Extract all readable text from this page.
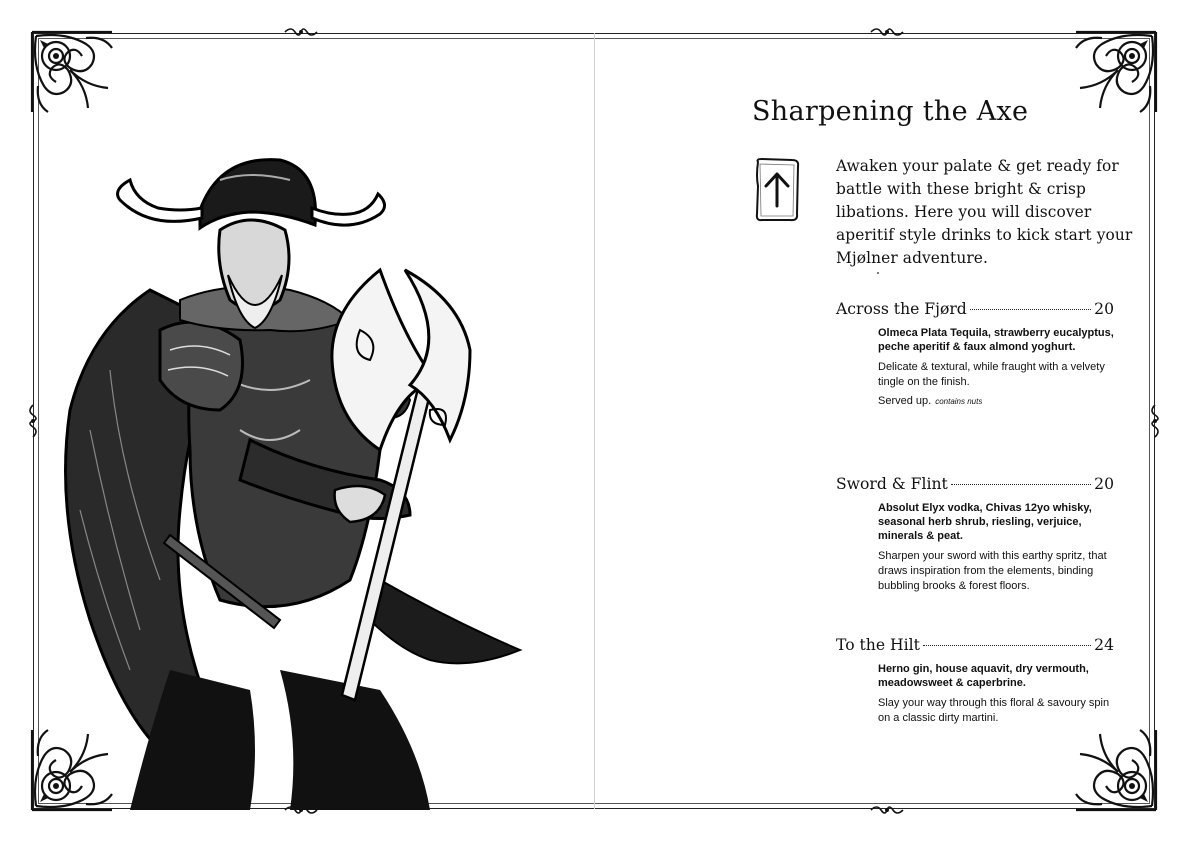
Sharpening the Axe

Awaken your palate & get ready for battle with these bright & crisp libations. Here you will discover aperitif style drinks to kick start your Mjølner adventure.

Across the Fjørd	20

Olmeca Plata Tequila, strawberry eucalyptus, peche aperitif & faux almond yoghurt.

Delicate & textural, while fraught with a velvety tingle on the finish.

Served up. contains nuts

Sword & Flint	20

Absolut Elyx vodka, Chivas 12yo whisky, seasonal herb shrub, riesling, verjuice, minerals & peat.

Sharpen your sword with this earthy spritz, that draws inspiration from the elements, binding bubbling brooks & forest floors.

To the Hilt	24

Herno gin, house aquavit, dry vermouth, meadowsweet & caperbrine.

Slay your way through this floral & savoury spin on a classic dirty martini.
